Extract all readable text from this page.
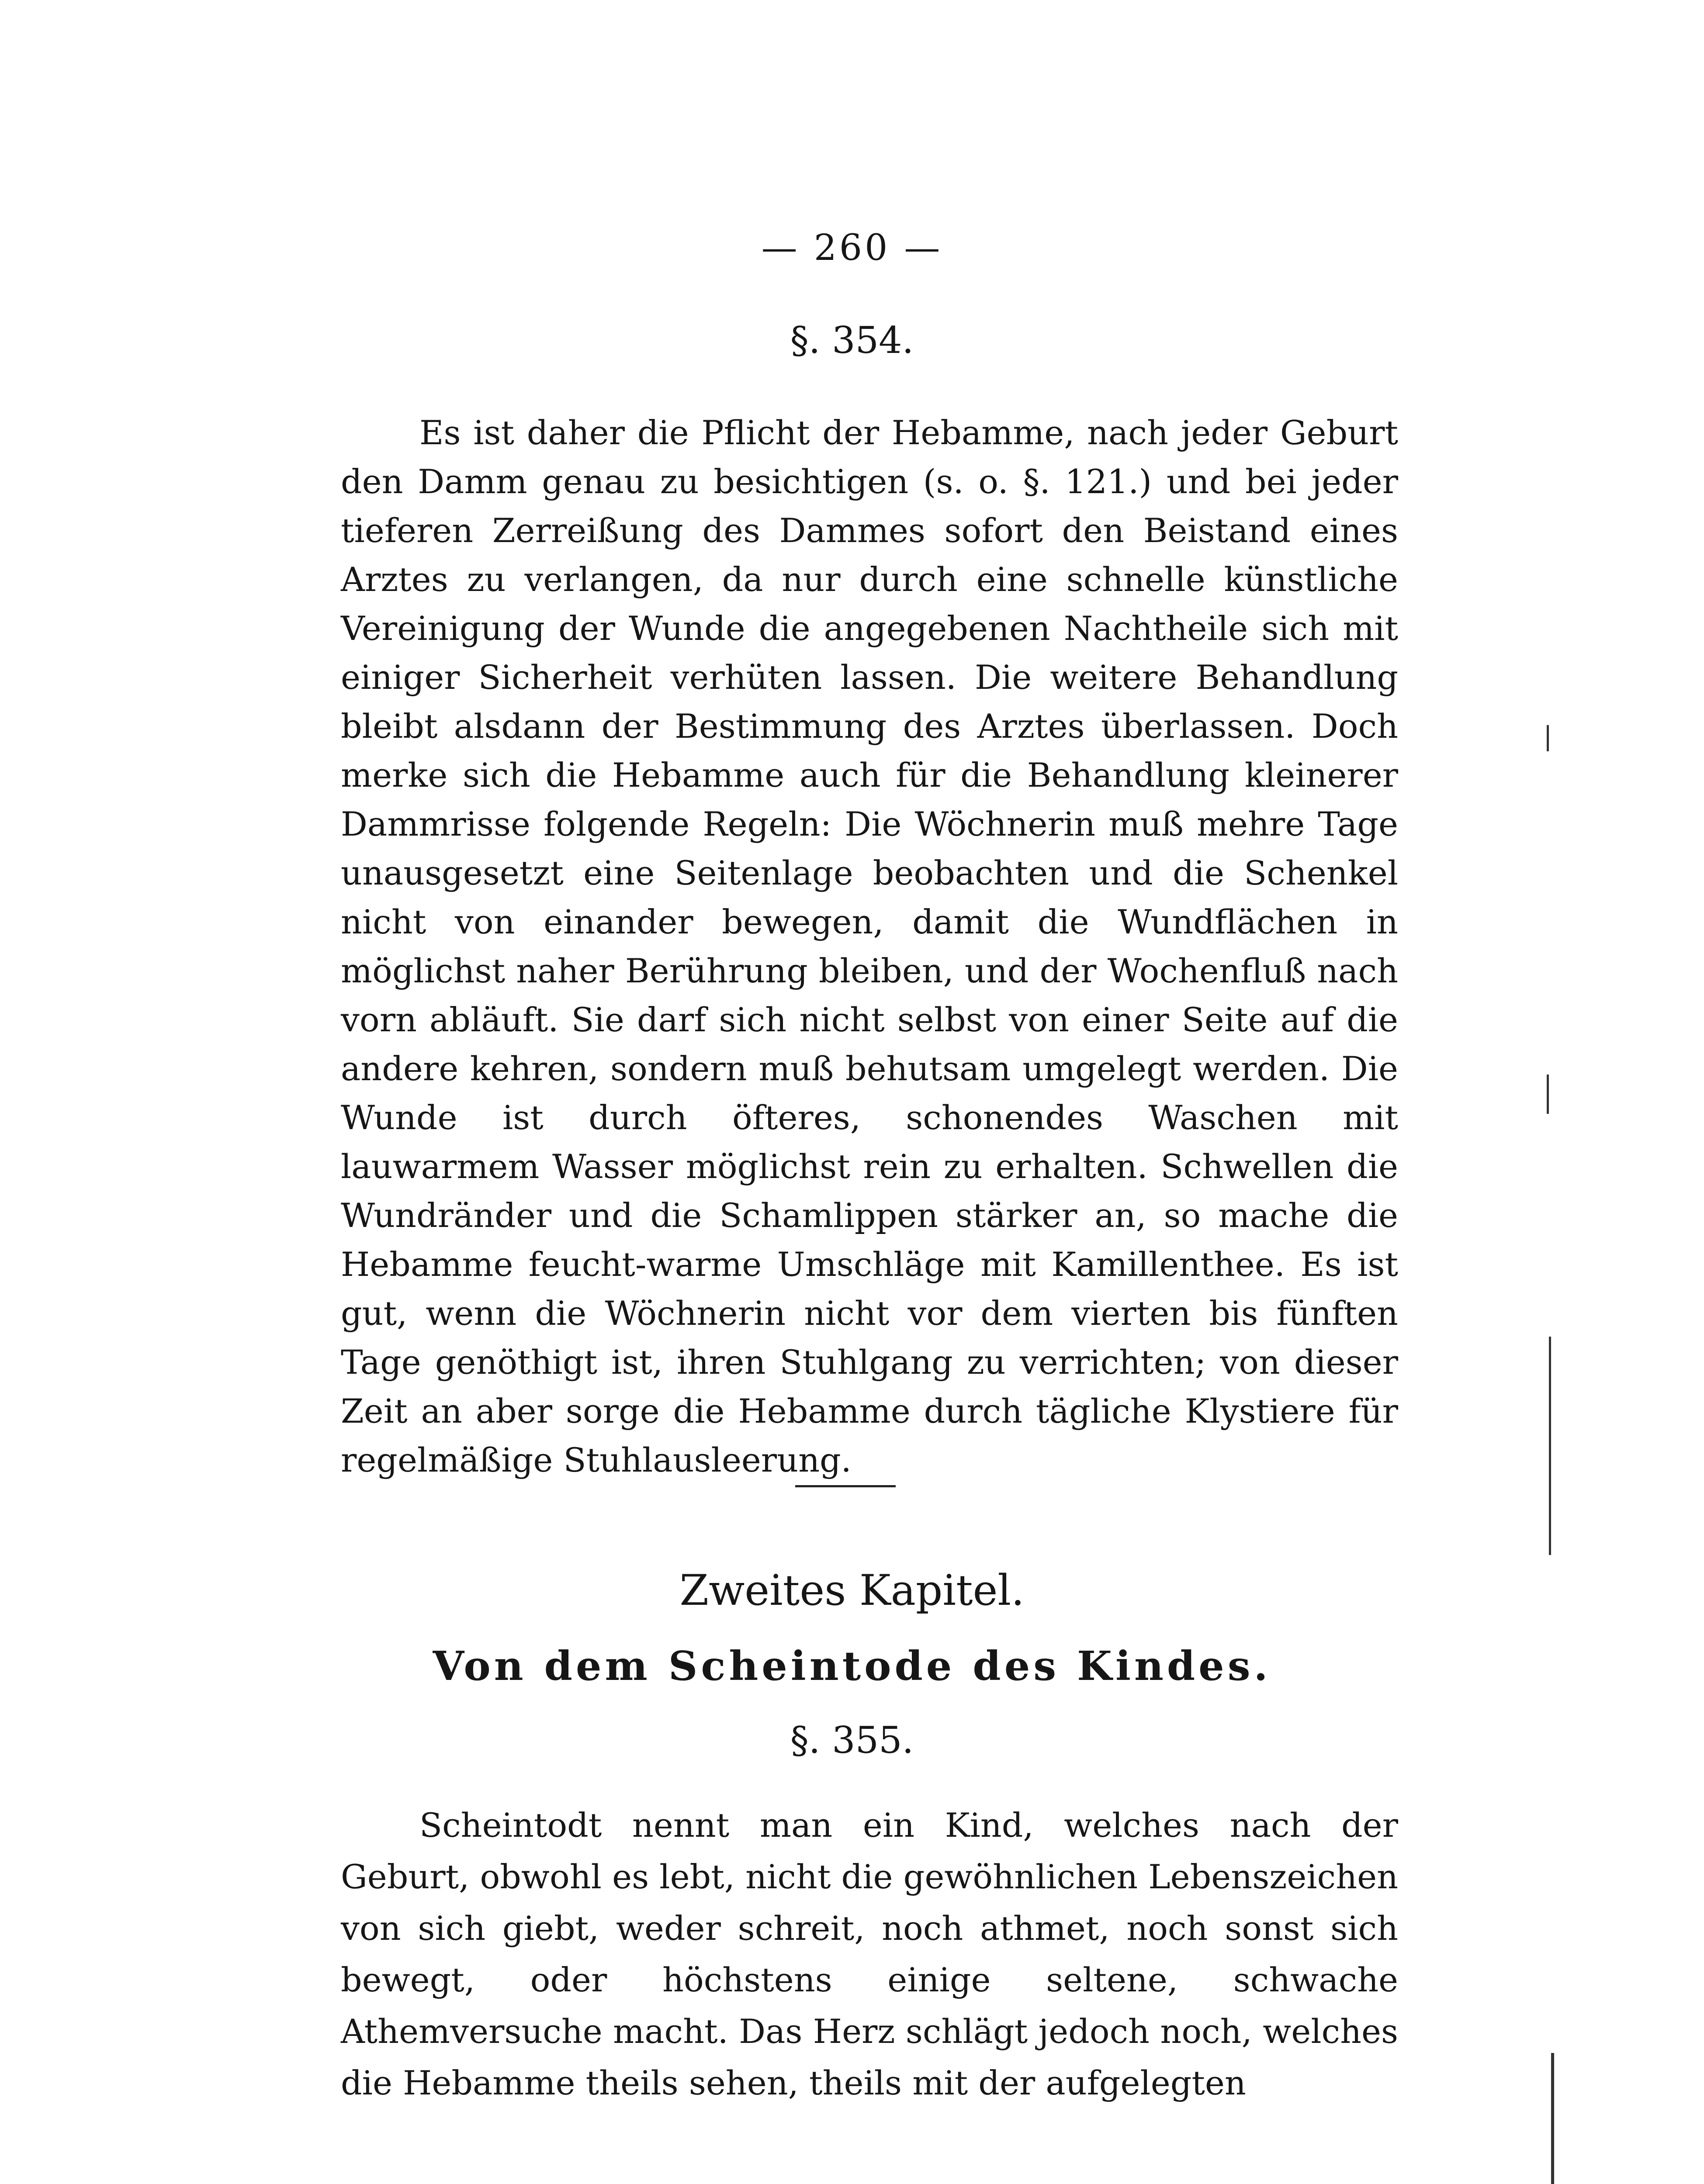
— 260 —
§. 354.

Es ist daher die Pflicht der Hebamme, nach jeder Geburt den Damm genau zu besichtigen (s. o. §. 121.) und bei jeder tieferen Zerreißung des Dammes sofort den Beistand eines Arztes zu verlangen, da nur durch eine schnelle künstliche Vereinigung der Wunde die angegebenen Nachtheile sich mit einiger Sicherheit verhüten lassen. Die weitere Behandlung bleibt alsdann der Bestimmung des Arztes überlassen. Doch merke sich die Hebamme auch für die Behandlung kleinerer Dammrisse folgende Regeln: Die Wöchnerin muß mehre Tage unausgesetzt eine Seitenlage beobachten und die Schenkel nicht von einander bewegen, damit die Wundflächen in möglichst naher Berührung bleiben, und der Wochenfluß nach vorn abläuft. Sie darf sich nicht selbst von einer Seite auf die andere kehren, sondern muß behutsam umgelegt werden. Die Wunde ist durch öfteres, schonendes Waschen mit lauwarmem Wasser möglichst rein zu erhalten. Schwellen die Wundränder und die Schamlippen stärker an, so mache die Hebamme feucht-warme Umschläge mit Kamillenthee. Es ist gut, wenn die Wöchnerin nicht vor dem vierten bis fünften Tage genöthigt ist, ihren Stuhlgang zu verrichten; von dieser Zeit an aber sorge die Hebamme durch tägliche Klystiere für regelmäßige Stuhlausleerung.

Zweites Kapitel.
Von dem Scheintode des Kindes.
§. 355.

Scheintodt nennt man ein Kind, welches nach der Geburt, obwohl es lebt, nicht die gewöhnlichen Lebenszeichen von sich giebt, weder schreit, noch athmet, noch sonst sich bewegt, oder höchstens einige seltene, schwache Athemversuche macht. Das Herz schlägt jedoch noch, welches die Hebamme theils sehen, theils mit der aufgelegten
